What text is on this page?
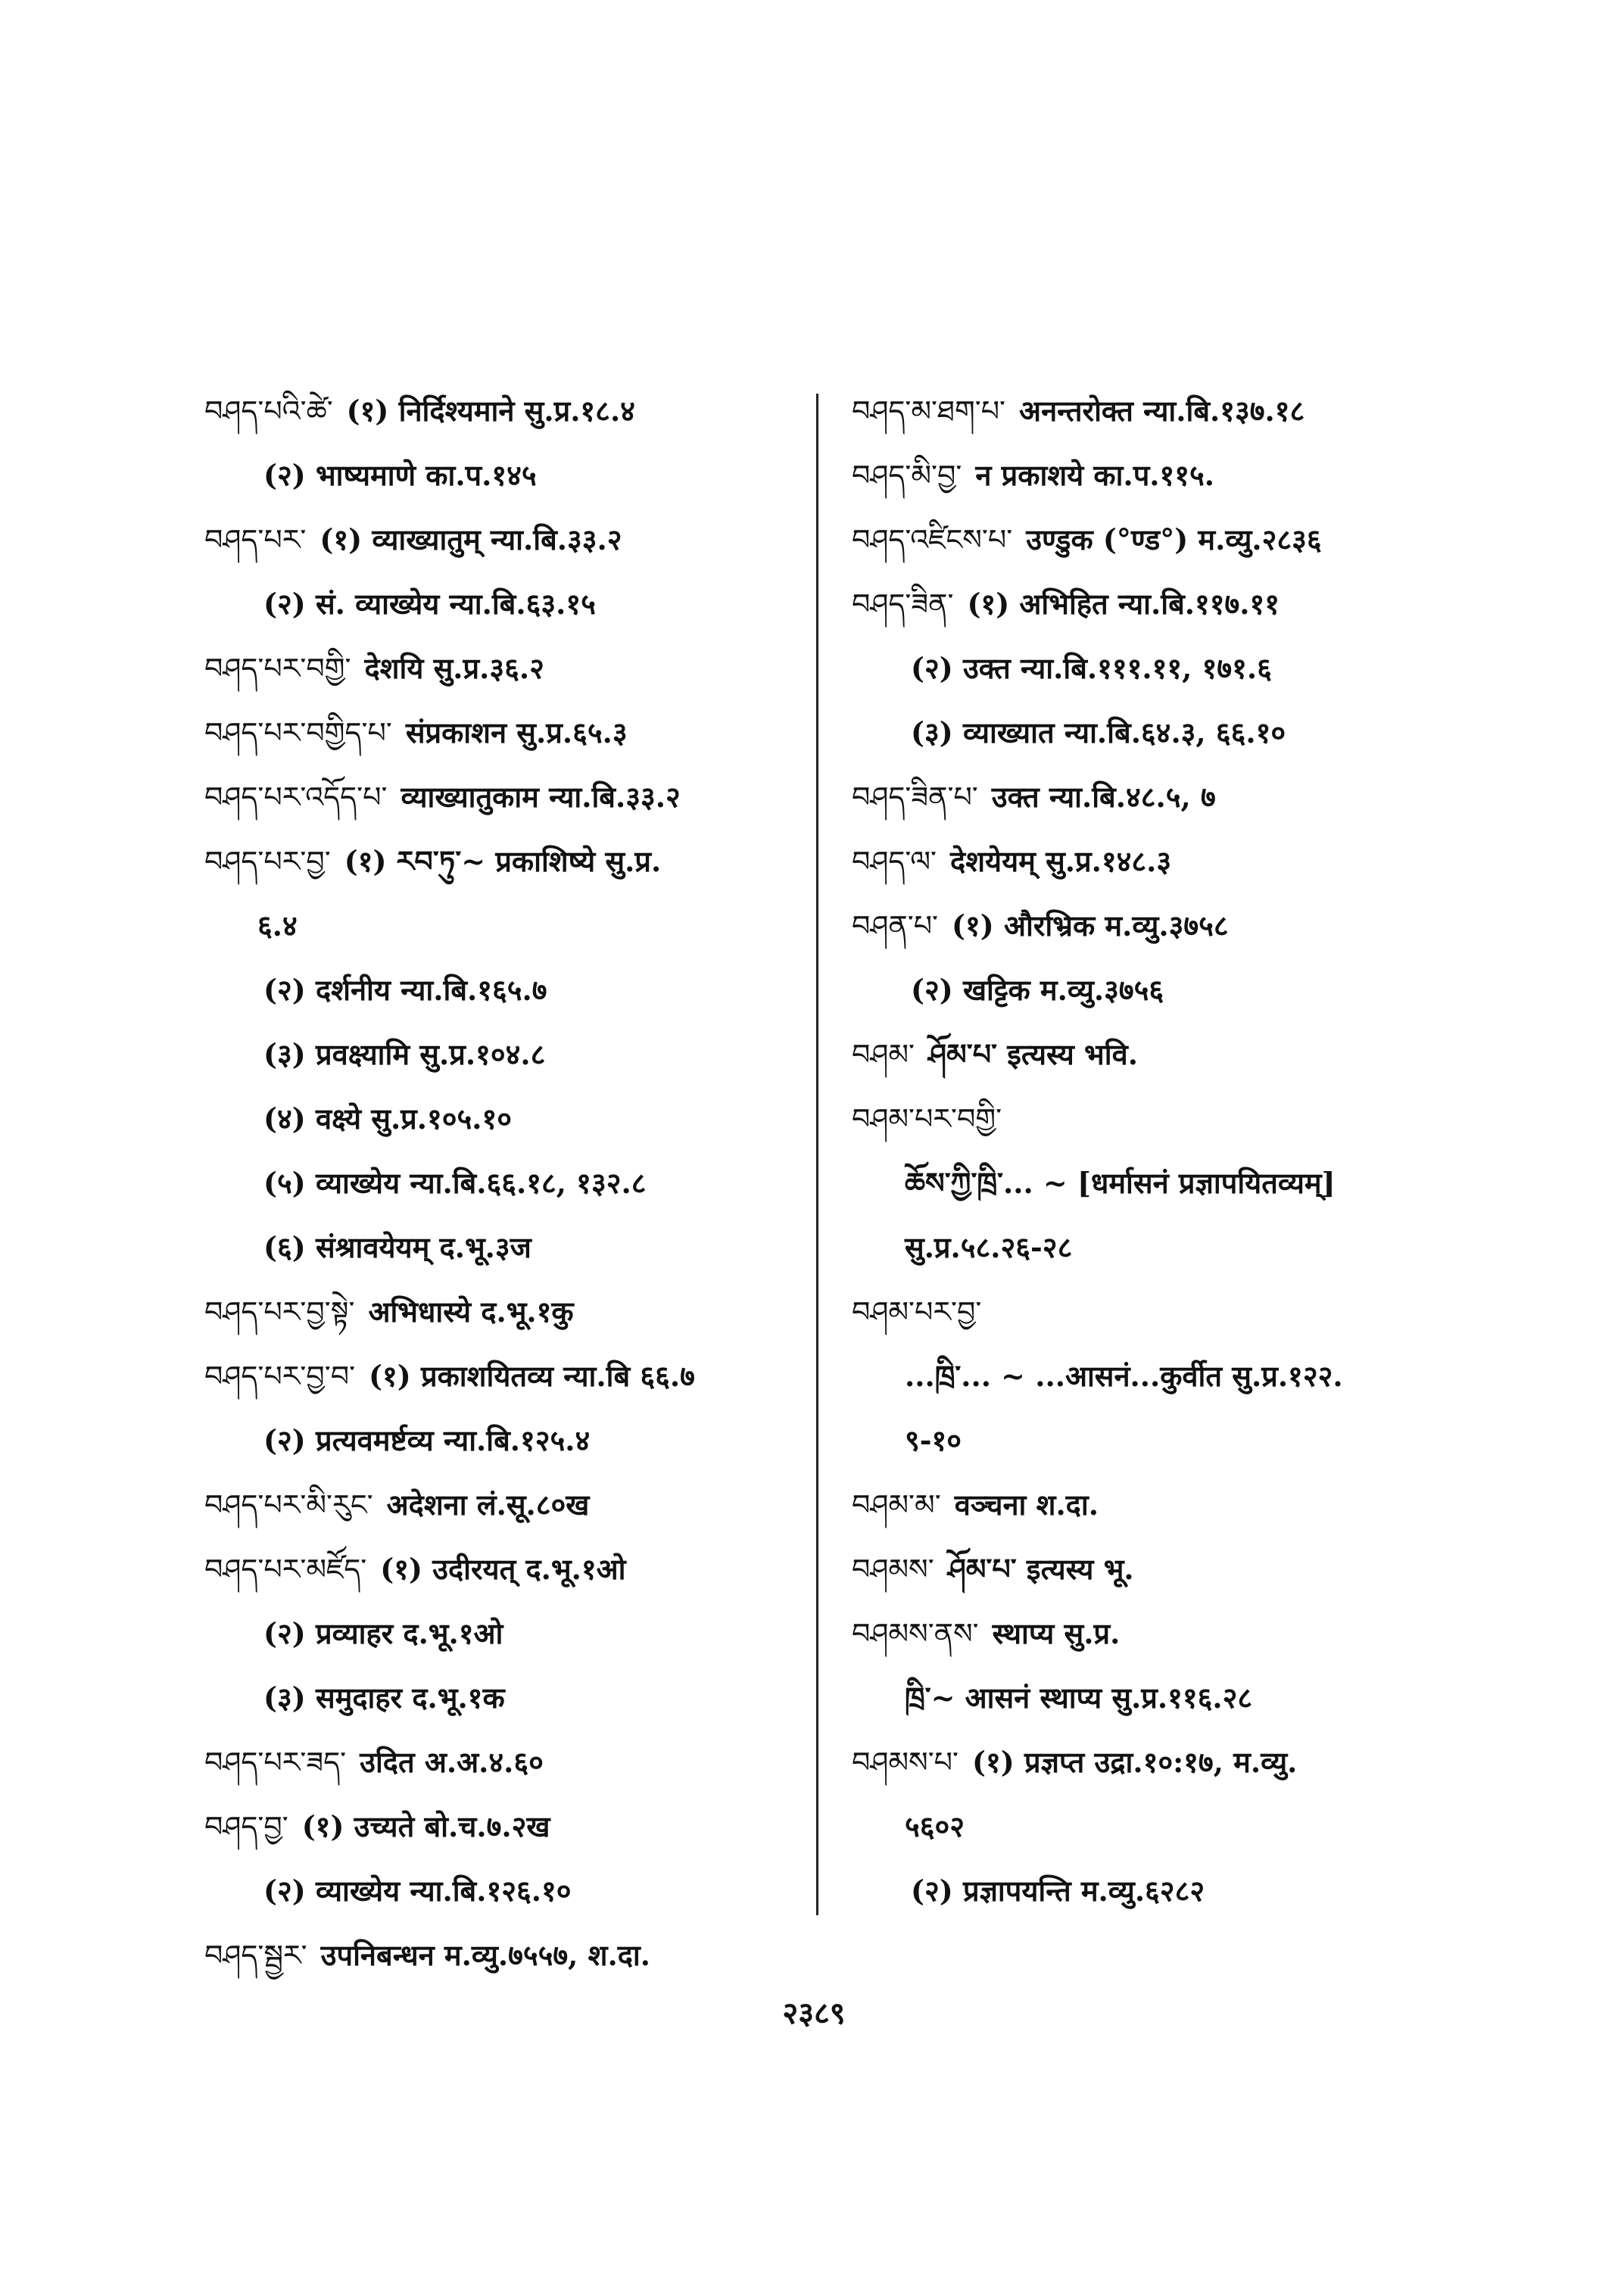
བཤད་པའི་ཚེ་ (१) निर्दिश्यमाने सु.प्र.१८.४
(२) भाष्यमाणे का.प.१४५
བཤད་པར་ (१) व्याख्यातुम् न्या.बि.३३.२
(२) सं. व्याख्येय न्या.बि.६३.१५
བཤད་པར་བགྱི་ देशयि सु.प्र.३६.२
བཤད་པར་བགྱིད་པ་ संप्रकाशन सु.प्र.६५.३
བཤད་པར་འདོད་པ་ व्याख्यातुकाम न्या.बि.३३.२
བཤད་པར་བྱ་ (१) རབ་ཏུ་~ प्रकाशिष्ये सु.प्र.
६.४
(२) दर्शनीय न्या.बि.१६५.७
(३) प्रवक्ष्यामि सु.प्र.१०४.८
(४) वक्ष्ये सु.प्र.१०५.१०
(५) व्याख्येय न्या.बि.६६.१८, १३२.८
(६) संश्रावयेयम् द.भू.३ज
བཤད་པར་བྱ་སྟེ་ अभिधास्ये द.भू.१कु
བཤད་པར་བྱ་བ་ (१) प्रकाशयितव्य न्या.बि ६६.७
(२) प्रत्यवमर्ष्टव्य न्या.बि.१२५.४
བཤད་པར་མི་རུང་ अदेशना लं.सू.८०ख
བཤད་པར་མཛོད་ (१) उदीरयत् द.भू.१ओ
(२) प्रव्याहर द.भू.१ओ
(३) समुदाहर द.भू.१क
བཤད་པར་ཟད་ उदित अ.अ.४.६०
བཤད་བྱ་ (१) उच्यते बो.च.७.२ख
(२) व्याख्येय न्या.बि.१२६.१०
བཤད་སྦྱར་ उपनिबन्धन म.व्यु.७५५७, श.दा.
བཤད་མ་ཐག་པ་ अनन्तरोक्त न्या.बि.१३७.१८
བཤད་མི་བྱ་ न प्रकाशये का.प.११५.
བཤད་འཛིངས་པ་ उण्डुक (°ण्ड°) म.व्यु.२८३६
བཤད་ཟིན་ (१) अभिहित न्या.बि.११७.११
(२) उक्त न्या.बि.१११.११, १७१.६
(३) व्याख्यात न्या.बि.६४.३, ६६.१०
བཤད་ཟིན་པ་ उक्त न्या.बि.४८.५, ७
བཤད་ལ་ देशयेयम् सु.प्र.१४८.३
བཤན་པ་ (१) औरभ्रिक म.व्यु.३७५८
(२) खट्टिक म.व्यु.३७५६
བཤམ་ ཤོམ་པ་ इत्यस्य भवि.
བཤམ་པར་བགྱི་
ཆོས་ཀྱི་ཁྲི་... ~ [धर्मासनं प्रज्ञापयितव्यम्]
सु.प्र.५८.२६-२८
བཤམ་པར་བྱ་
...ཁྲི་... ~ ...आसनं...कुर्वीत सु.प्र.१२२.
९-१०
བཤམ་མ་ वञ्चना श.दा.
བཤམས་ ཤོམ་པ་ इत्यस्य भू.
བཤམས་ནས་ स्थाप्य सु.प्र.
ཁྲི་~ आसनं स्थाप्य सु.प्र.११६.२८
བཤམས་པ་ (१) प्रज्ञप्त उद्रा.१०:१७, म.व्यु.
५६०२
(२) प्रज्ञापयन्ति म.व्यु.६२८२
२३८९
